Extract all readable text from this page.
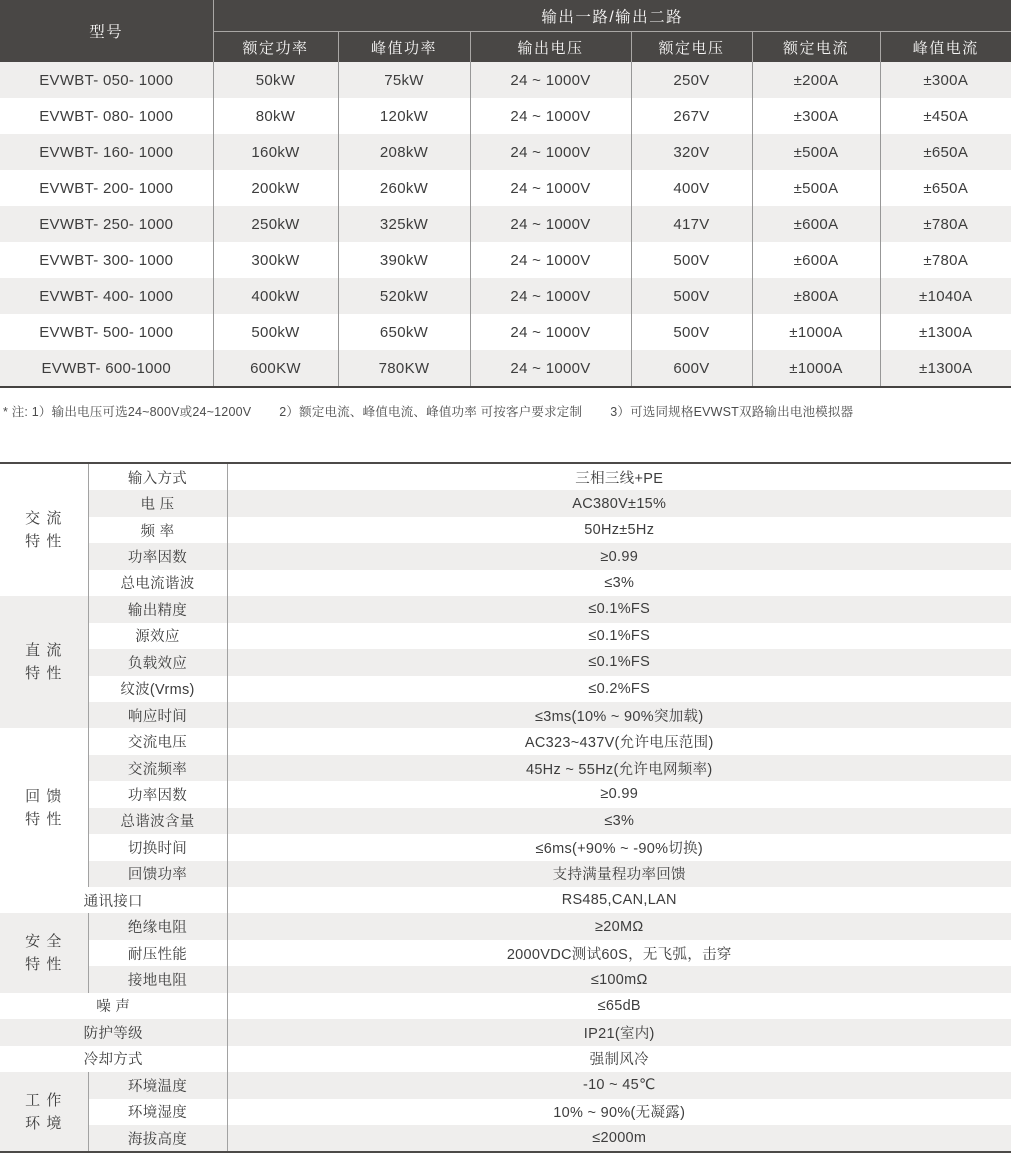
型号	输出一路/输出二路					
	额定功率	峰值功率	输出电压	额定电压	额定电流	峰值电流
EVWBT- 050- 1000	50kW	75kW	24 ~ 1000V	250V	±200A	±300A
EVWBT- 080- 1000	80kW	120kW	24 ~ 1000V	267V	±300A	±450A
EVWBT- 160- 1000	160kW	208kW	24 ~ 1000V	320V	±500A	±650A
EVWBT- 200- 1000	200kW	260kW	24 ~ 1000V	400V	±500A	±650A
EVWBT- 250- 1000	250kW	325kW	24 ~ 1000V	417V	±600A	±780A
EVWBT- 300- 1000	300kW	390kW	24 ~ 1000V	500V	±600A	±780A
EVWBT- 400- 1000	400kW	520kW	24 ~ 1000V	500V	±800A	±1040A
EVWBT- 500- 1000	500kW	650kW	24 ~ 1000V	500V	±1000A	±1300A
EVWBT- 600-1000	600KW	780KW	24 ~ 1000V	600V	±1000A	±1300A
* 注: 1）输出电压可选24~800V或24~1200V 2）额定电流、峰值电流、峰值功率 可按客户要求定制 3）可选同规格EVWST双路输出电池模拟器
交 流
特 性	输入方式	三相三线+PE
	电 压	AC380V±15%
	频 率	50Hz±5Hz
	功率因数	≥0.99
	总电流谐波	≤3%

直 流
特 性	输出精度	≤0.1%FS
	源效应	≤0.1%FS
	负载效应	≤0.1%FS
	纹波(Vrms)	≤0.2%FS
	响应时间	≤3ms(10% ~ 90%突加载)

回 馈
特 性	交流电压	AC323~437V(允许电压范围)
	交流频率	45Hz ~ 55Hz(允许电网频率)
	功率因数	≥0.99
	总谐波含量	≤3%
	切换时间	≤6ms(+90% ~ -90%切换)
	回馈功率	支持满量程功率回馈
通讯接口		RS485,CAN,LAN

安 全
特 性	绝缘电阻	≥20MΩ
	耐压性能	2000VDC测试60S，无飞弧，击穿
	接地电阻	≤100mΩ
噪 声		≤65dB
防护等级		IP21(室内)
冷却方式		强制风冷

工 作
环 境	环境温度	-10 ~ 45℃
	环境湿度	10% ~ 90%(无凝露)
	海拔高度	≤2000m
